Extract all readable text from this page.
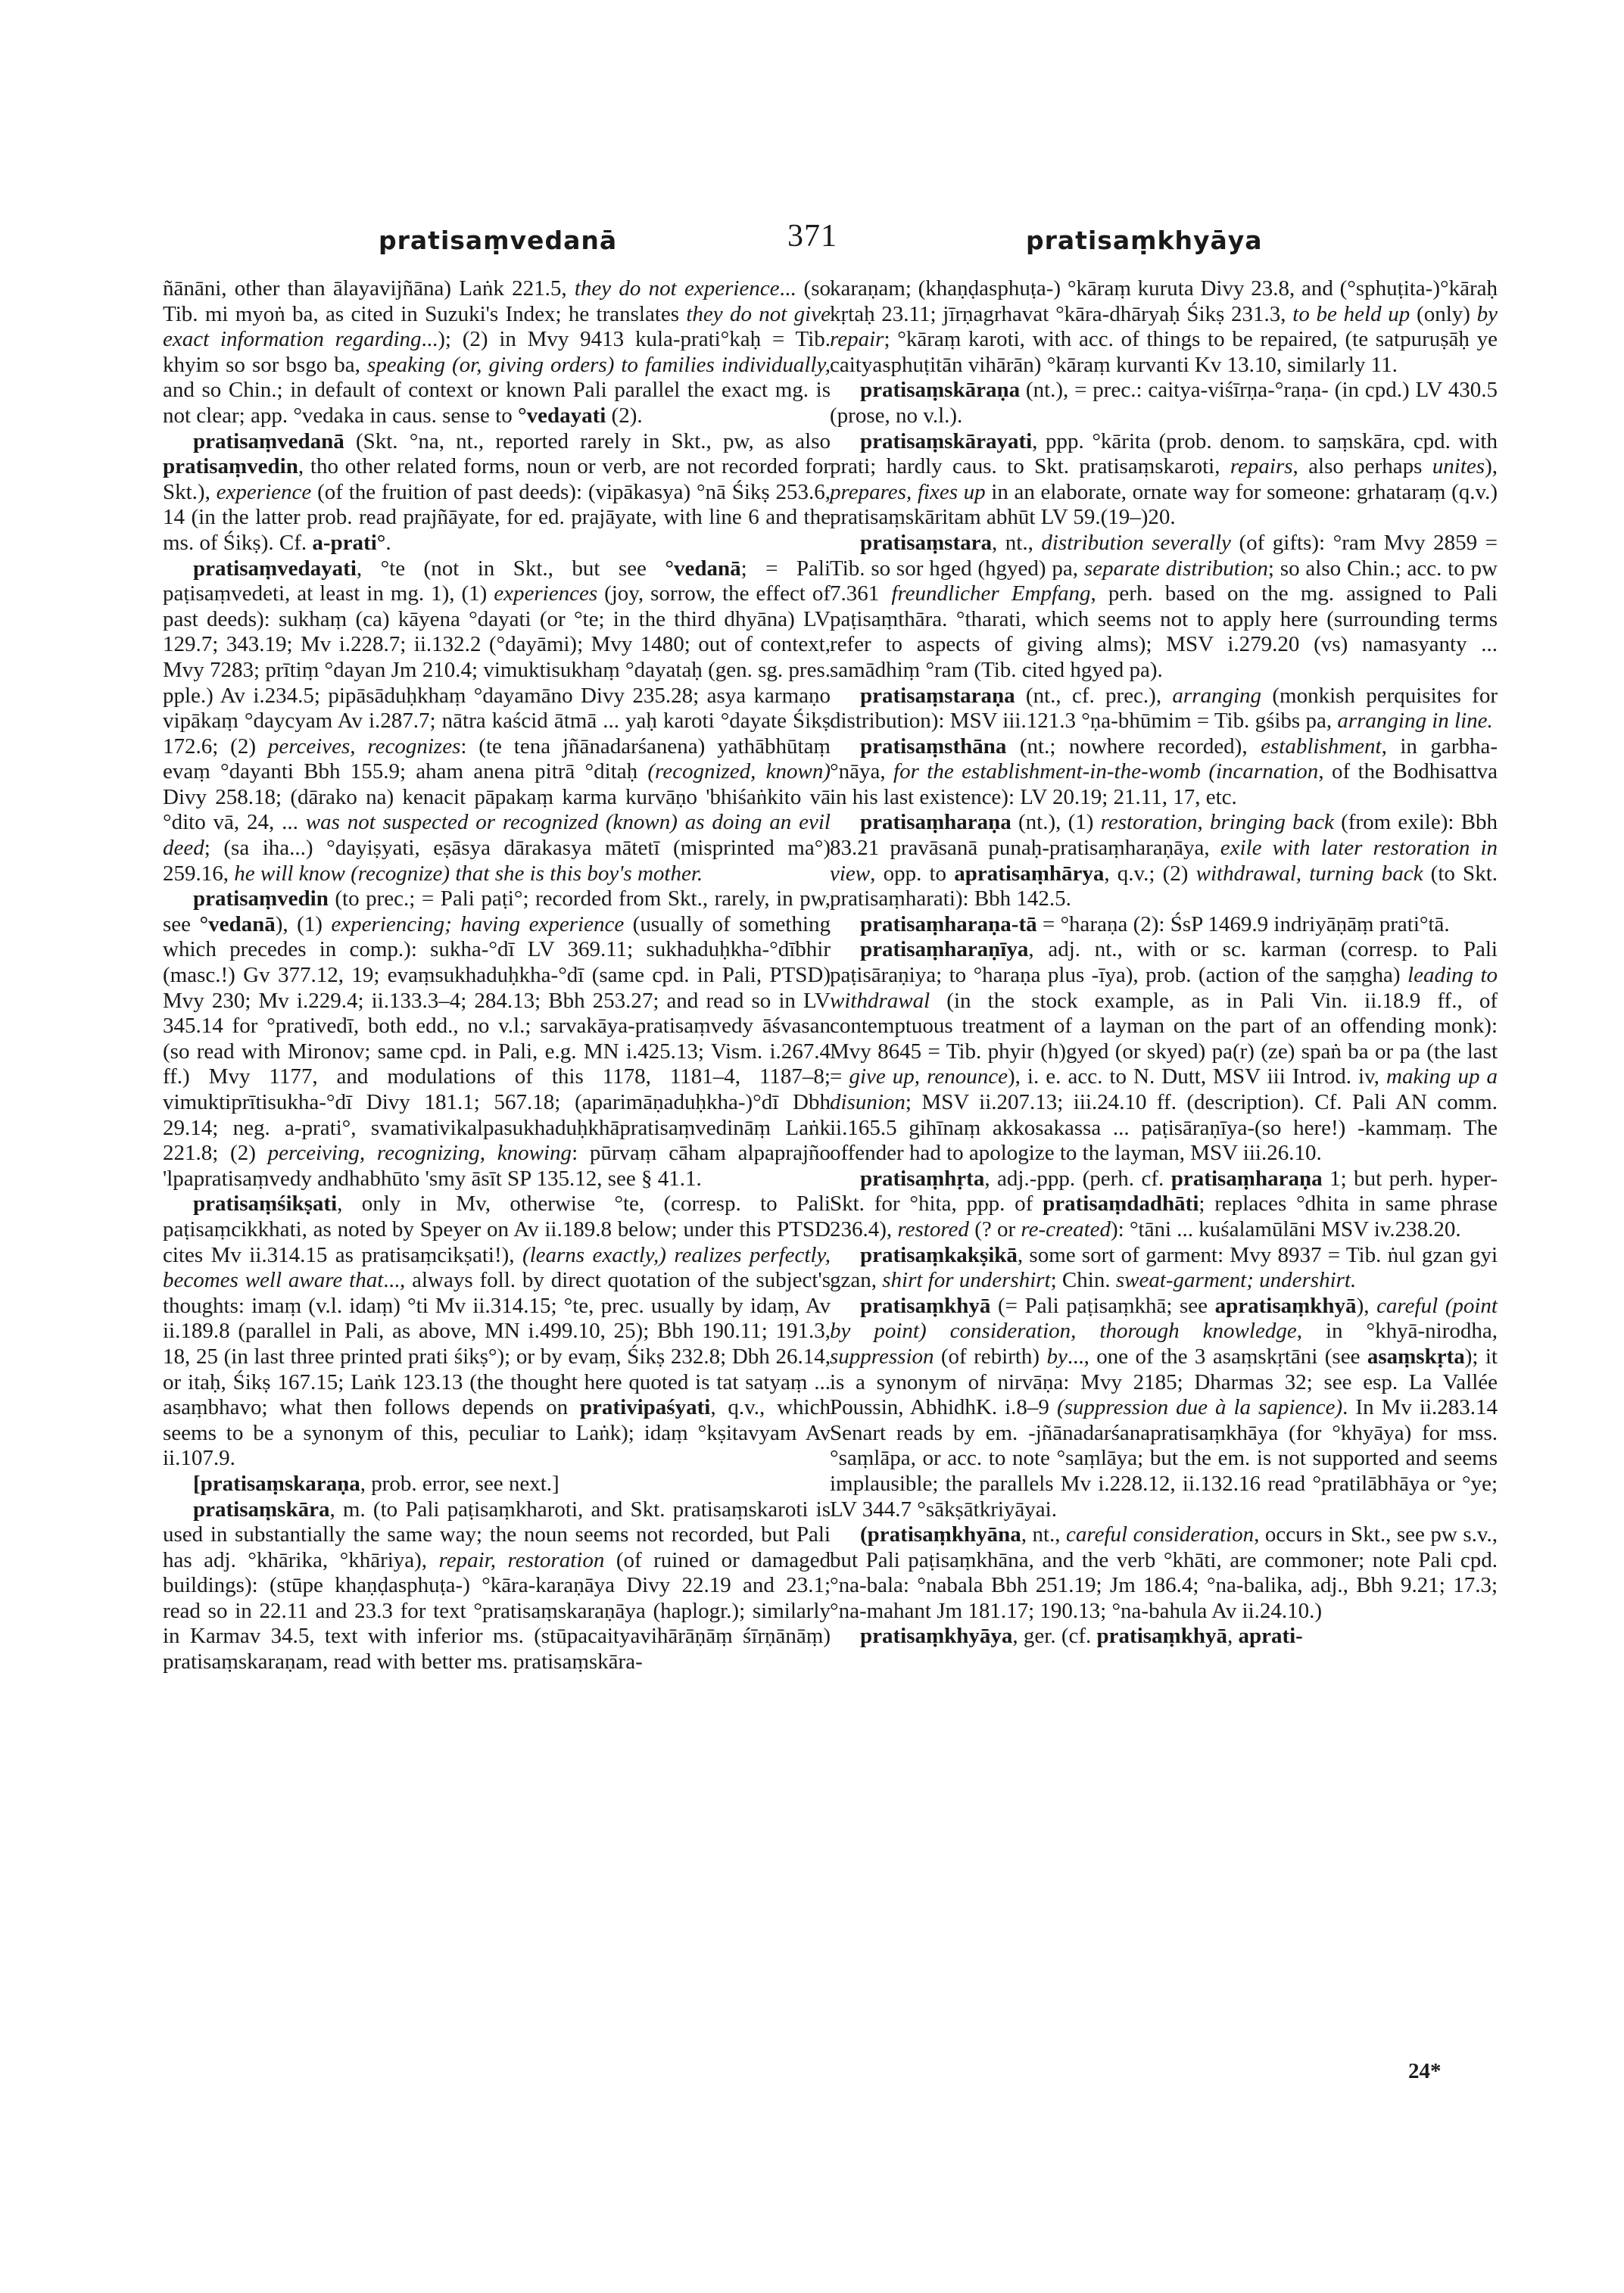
pratisaṃvedanā	371	pratisaṃkhyāya

ñānāni, other than ālayavijñāna) Laṅk 221.5, they do not experience... (so Tib. mi myoṅ ba, as cited in Suzuki's Index; he translates they do not give exact information regarding...); (2) in Mvy 9413 kula-prati°kaḥ = Tib. khyim so sor bsgo ba, speaking (or, giving orders) to families individually, and so Chin.; in default of context or known Pali parallel the exact mg. is not clear; app. °vedaka in caus. sense to °vedayati (2).

pratisaṃvedanā (Skt. °na, nt., reported rarely in Skt., pw, as also pratisaṃvedin, tho other related forms, noun or verb, are not recorded for Skt.), experience (of the fruition of past deeds): (vipākasya) °nā Śikṣ 253.6, 14 (in the latter prob. read prajñāyate, for ed. prajāyate, with line 6 and the ms. of Śikṣ). Cf. a-prati°.

pratisaṃvedayati, °te (not in Skt., but see °vedanā; = Pali paṭisaṃvedeti, at least in mg. 1), (1) experiences (joy, sorrow, the effect of past deeds): sukhaṃ (ca) kāyena °dayati (or °te; in the third dhyāna) LV 129.7; 343.19; Mv i.228.7; ii.132.2 (°dayāmi); Mvy 1480; out of context, Mvy 7283; prītiṃ °dayan Jm 210.4; vimuktisukhaṃ °dayataḥ (gen. sg. pres. pple.) Av i.234.5; pipāsāduḥkhaṃ °dayamāno Divy 235.28; asya karmaṇo vipākaṃ °daycyam Av i.287.7; nātra kaścid ātmā ... yaḥ karoti °dayate Śikṣ 172.6; (2) perceives, recognizes: (te tena jñānadarśanena) yathābhūtaṃ evaṃ °dayanti Bbh 155.9; aham anena pitrā °ditaḥ (recognized, known) Divy 258.18; (dārako na) kenacit pāpakaṃ karma kurvāṇo 'bhiśaṅkito vā °dito vā, 24, ... was not suspected or recognized (known) as doing an evil deed; (sa iha...) °dayiṣyati, eṣāsya dārakasya mātetī (misprinted ma°) 259.16, he will know (recognize) that she is this boy's mother.

pratisaṃvedin (to prec.; = Pali paṭi°; recorded from Skt., rarely, in pw, see °vedanā), (1) experiencing; having experience (usually of something which precedes in comp.): sukha-°dī LV 369.11; sukhaduḥkha-°dībhir (masc.!) Gv 377.12, 19; evaṃsukhaduḥkha-°dī (same cpd. in Pali, PTSD) Mvy 230; Mv i.229.4; ii.133.3–4; 284.13; Bbh 253.27; and read so in LV 345.14 for °prativedī, both edd., no v.l.; sarvakāya-pratisaṃvedy āśvasan (so read with Mironov; same cpd. in Pali, e.g. MN i.425.13; Vism. i.267.4 ff.) Mvy 1177, and modulations of this 1178, 1181–4, 1187–8; vimuktiprītisukha-°dī Divy 181.1; 567.18; (aparimāṇaduḥkha-)°dī Dbh 29.14; neg. a-prati°, svamativikalpasukhaduḥkhāpratisaṃvedināṃ Laṅk 221.8; (2) perceiving, recognizing, knowing: pūrvaṃ cāham alpaprajño 'lpapratisaṃvedy andhabhūto 'smy āsīt SP 135.12, see § 41.1.

pratisaṃśikṣati, only in Mv, otherwise °te, (corresp. to Pali paṭisaṃcikkhati, as noted by Speyer on Av ii.189.8 below; under this PTSD cites Mv ii.314.15 as pratisaṃcikṣati!), (learns exactly,) realizes perfectly, becomes well aware that..., always foll. by direct quotation of the subject's thoughts: imaṃ (v.l. idaṃ) °ti Mv ii.314.15; °te, prec. usually by idaṃ, Av ii.189.8 (parallel in Pali, as above, MN i.499.10, 25); Bbh 190.11; 191.3, 18, 25 (in last three printed prati śikṣ°); or by evaṃ, Śikṣ 232.8; Dbh 26.14, or itaḥ, Śikṣ 167.15; Laṅk 123.13 (the thought here quoted is tat satyaṃ ... asaṃbhavo; what then follows depends on prativipaśyati, q.v., which seems to be a synonym of this, peculiar to Laṅk); idaṃ °kṣitavyam Av ii.107.9.

[pratisaṃskaraṇa, prob. error, see next.]

pratisaṃskāra, m. (to Pali paṭisaṃkharoti, and Skt. pratisaṃskaroti is used in substantially the same way; the noun seems not recorded, but Pali has adj. °khārika, °khāriya), repair, restoration (of ruined or damaged buildings): (stūpe khaṇḍasphuṭa-) °kāra-karaṇāya Divy 22.19 and 23.1; read so in 22.11 and 23.3 for text °pratisaṃskaraṇāya (haplogr.); similarly in Karmav 34.5, text with inferior ms. (stūpacaityavihārāṇāṃ śīrṇānāṃ) pratisaṃskaraṇam, read with better ms. pratisaṃskāra-

karaṇam; (khaṇḍasphuṭa-) °kāraṃ kuruta Divy 23.8, and (°sphuṭita-)°kāraḥ kṛtaḥ 23.11; jīrṇagrhavat °kāra-dhāryaḥ Śikṣ 231.3, to be held up (only) by repair; °kāraṃ karoti, with acc. of things to be repaired, (te satpuruṣāḥ ye caityasphuṭitān vihārān) °kāraṃ kurvanti Kv 13.10, similarly 11.

pratisaṃskāraṇa (nt.), = prec.: caitya-viśīrṇa-°raṇa- (in cpd.) LV 430.5 (prose, no v.l.).

pratisaṃskārayati, ppp. °kārita (prob. denom. to saṃskāra, cpd. with prati; hardly caus. to Skt. pratisaṃskaroti, repairs, also perhaps unites), prepares, fixes up in an elaborate, ornate way for someone: grhataraṃ (q.v.) pratisaṃskāritam abhūt LV 59.(19–)20.

pratisaṃstara, nt., distribution severally (of gifts): °ram Mvy 2859 = Tib. so sor hged (hgyed) pa, separate distribution; so also Chin.; acc. to pw 7.361 freundlicher Empfang, perh. based on the mg. assigned to Pali paṭisaṃthāra. °tharati, which seems not to apply here (surrounding terms refer to aspects of giving alms); MSV i.279.20 (vs) namasyanty ... samādhiṃ °ram (Tib. cited hgyed pa).

pratisaṃstaraṇa (nt., cf. prec.), arranging (monkish perquisites for distribution): MSV iii.121.3 °ṇa-bhūmim = Tib. gśibs pa, arranging in line.

pratisaṃsthāna (nt.; nowhere recorded), establishment, in garbha-°nāya, for the establishment-in-the-womb (incarnation, of the Bodhisattva in his last existence): LV 20.19; 21.11, 17, etc.

pratisaṃharaṇa (nt.), (1) restoration, bringing back (from exile): Bbh 83.21 pravāsanā punaḥ-pratisaṃharaṇāya, exile with later restoration in view, opp. to apratisaṃhārya, q.v.; (2) withdrawal, turning back (to Skt. pratisaṃharati): Bbh 142.5.

pratisaṃharaṇa-tā = °haraṇa (2): ŚsP 1469.9 indriyāṇāṃ prati°tā.

pratisaṃharaṇīya, adj. nt., with or sc. karman (corresp. to Pali paṭisāraṇiya; to °haraṇa plus -īya), prob. (action of the saṃgha) leading to withdrawal (in the stock example, as in Pali Vin. ii.18.9 ff., of contemptuous treatment of a layman on the part of an offending monk): Mvy 8645 = Tib. phyir (h)gyed (or skyed) pa(r) (ze) spaṅ ba or pa (the last = give up, renounce), i. e. acc. to N. Dutt, MSV iii Introd. iv, making up a disunion; MSV ii.207.13; iii.24.10 ff. (description). Cf. Pali AN comm. ii.165.5 gihīnaṃ akkosakassa ... paṭisāraṇīya-(so here!) -kammaṃ. The offender had to apologize to the layman, MSV iii.26.10.

pratisaṃhṛta, adj.-ppp. (perh. cf. pratisaṃharaṇa 1; but perh. hyper-Skt. for °hita, ppp. of pratisaṃdadhāti; replaces °dhita in same phrase 236.4), restored (? or re-created): °tāni ... kuśalamūlāni MSV iv.238.20.

pratisaṃkakṣikā, some sort of garment: Mvy 8937 = Tib. ṅul gzan gyi gzan, shirt for undershirt; Chin. sweat-garment; undershirt.

pratisaṃkhyā (= Pali paṭisaṃkhā; see apratisaṃkhyā), careful (point by point) consideration, thorough knowledge, in °khyā-nirodha, suppression (of rebirth) by..., one of the 3 asaṃskṛtāni (see asaṃskṛta); it is a synonym of nirvāṇa: Mvy 2185; Dharmas 32; see esp. La Vallée Poussin, AbhidhK. i.8–9 (suppression due à la sapience). In Mv ii.283.14 Senart reads by em. -jñānadarśanapratisaṃkhāya (for °khyāya) for mss. °saṃlāpa, or acc. to note °saṃlāya; but the em. is not supported and seems implausible; the parallels Mv i.228.12, ii.132.16 read °pratilābhāya or °ye; LV 344.7 °sākṣātkriyāyai.

(pratisaṃkhyāna, nt., careful consideration, occurs in Skt., see pw s.v., but Pali paṭisaṃkhāna, and the verb °khāti, are commoner; note Pali cpd. °na-bala: °nabala Bbh 251.19; Jm 186.4; °na-balika, adj., Bbh 9.21; 17.3; °na-mahant Jm 181.17; 190.13; °na-bahula Av ii.24.10.)

pratisaṃkhyāya, ger. (cf. pratisaṃkhyā, aprati-

24*
